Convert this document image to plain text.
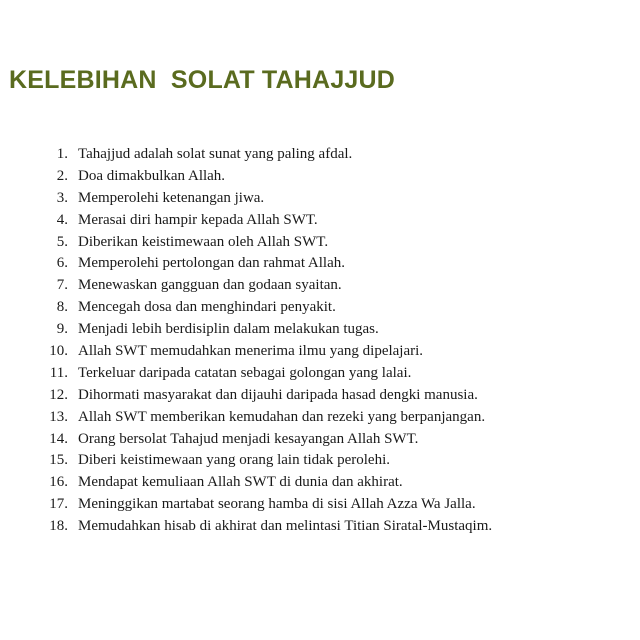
KELEBIHAN  SOLAT TAHAJJUD
1. Tahajjud adalah solat sunat yang paling afdal.
2. Doa dimakbulkan Allah.
3. Memperolehi ketenangan jiwa.
4. Merasai diri hampir kepada Allah SWT.
5. Diberikan keistimewaan oleh Allah SWT.
6. Memperolehi pertolongan dan rahmat Allah.
7. Menewaskan gangguan dan godaan syaitan.
8. Mencegah dosa dan menghindari penyakit.
9. Menjadi lebih berdisiplin dalam melakukan tugas.
10. Allah SWT memudahkan menerima ilmu yang dipelajari.
11. Terkeluar daripada catatan sebagai golongan yang lalai.
12. Dihormati masyarakat dan dijauhi daripada hasad dengki manusia.
13. Allah SWT memberikan kemudahan dan rezeki yang berpanjangan.
14. Orang bersolat Tahajud menjadi kesayangan Allah SWT.
15. Diberi keistimewaan yang orang lain tidak perolehi.
16. Mendapat kemuliaan Allah SWT di dunia dan akhirat.
17. Meninggikan martabat seorang hamba di sisi Allah Azza Wa Jalla.
18. Memudahkan hisab di akhirat dan melintasi Titian Siratal-Mustaqim.
